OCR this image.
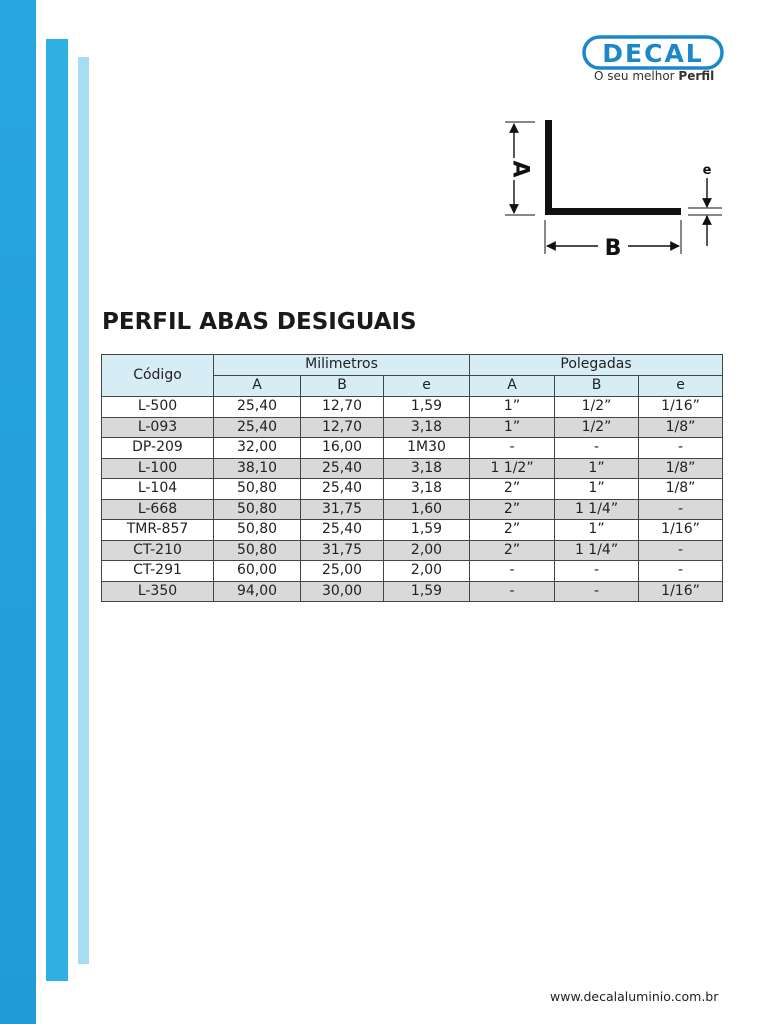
DECAL
O seu melhor Perfil
A
B
e
PERFIL ABAS DESIGUAIS
Código	Milimetros			Polegadas		
	A	B	e	A	B	e
L-500	25,40	12,70	1,59	1”	1/2”	1/16”
L-093	25,40	12,70	3,18	1”	1/2”	1/8”
DP-209	32,00	16,00	1M30	-	-	-
L-100	38,10	25,40	3,18	1 1/2”	1”	1/8”
L-104	50,80	25,40	3,18	2”	1”	1/8”
L-668	50,80	31,75	1,60	2”	1 1/4”	-
TMR-857	50,80	25,40	1,59	2”	1”	1/16”
CT-210	50,80	31,75	2,00	2”	1 1/4”	-
CT-291	60,00	25,00	2,00	-	-	-
L-350	94,00	30,00	1,59	-	-	1/16”
www.decalaluminio.com.br
